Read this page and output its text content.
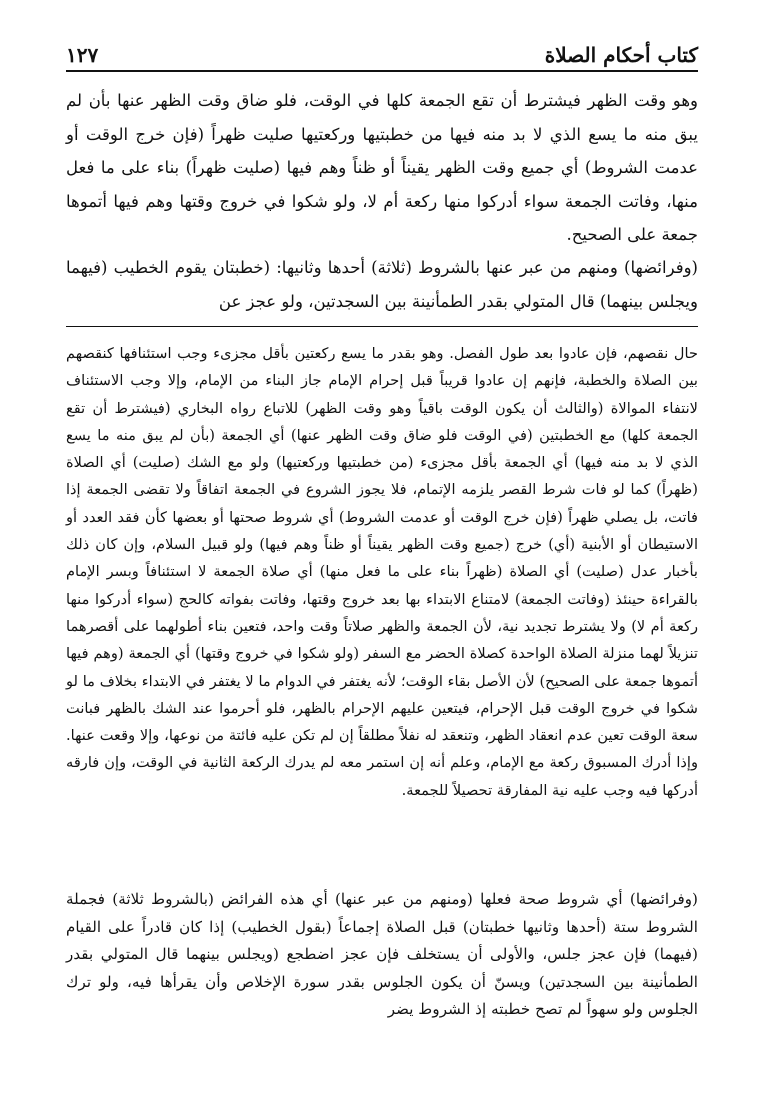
كتاب أحكام الصلاة
١٢٧

وهو وقت الظهر فيشترط أن تقع الجمعة كلها في الوقت، فلو ضاق وقت الظهر عنها بأن لم يبق منه ما يسع الذي لا بد منه فيها من خطبتيها وركعتيها صليت ظهراً (فإن خرج الوقت أو عدمت الشروط) أي جميع وقت الظهر يقيناً أو ظناً وهم فيها (صليت ظهراً) بناء على ما فعل منها، وفاتت الجمعة سواء أدركوا منها ركعة أم لا، ولو شكوا في خروج وقتها وهم فيها أتموها جمعة على الصحيح.

(وفرائضها) ومنهم من عبر عنها بالشروط (ثلاثة) أحدها وثانيها: (خطبتان يقوم الخطيب (فيهما ويجلس بينهما) قال المتولي بقدر الطمأنينة بين السجدتين، ولو عجز عن

حال نقصهم، فإن عادوا بعد طول الفصل. وهو بقدر ما يسع ركعتين بأقل مجزىء وجب استئنافها كنقصهم بين الصلاة والخطبة، فإنهم إن عادوا قريباً قبل إحرام الإمام جاز البناء من الإمام، وإلا وجب الاستئناف لانتفاء الموالاة (والثالث أن يكون الوقت باقياً وهو وقت الظهر) للاتباع رواه البخاري (فيشترط أن تقع الجمعة كلها) مع الخطبتين (في الوقت فلو ضاق وقت الظهر عنها) أي الجمعة (بأن لم يبق منه ما يسع الذي لا بد منه فيها) أي الجمعة بأقل مجزىء (من خطبتيها وركعتيها) ولو مع الشك (صليت) أي الصلاة (ظهراً) كما لو فات شرط القصر يلزمه الإتمام، فلا يجوز الشروع في الجمعة اتفاقاً ولا تقضى الجمعة إذا فاتت، بل يصلي ظهراً (فإن خرج الوقت أو عدمت الشروط) أي شروط صحتها أو بعضها كأن فقد العدد أو الاستيطان أو الأبنية (أي) خرج (جميع وقت الظهر يقيناً أو ظناً وهم فيها) ولو قبيل السلام، وإن كان ذلك بأخبار عدل (صليت) أي الصلاة (ظهراً بناء على ما فعل منها) أي صلاة الجمعة لا استئنافاً وبسر الإمام بالقراءة حينئذ (وفاتت الجمعة) لامتناع الابتداء بها بعد خروج وقتها، وفاتت بفواته كالحج (سواء أدركوا منها ركعة أم لا) ولا يشترط تجديد نية، لأن الجمعة والظهر صلاتاً وقت واحد، فتعين بناء أطولهما على أقصرهما تنزيلاً لهما منزلة الصلاة الواحدة كصلاة الحضر مع السفر (ولو شكوا في خروج وقتها) أي الجمعة (وهم فيها أتموها جمعة على الصحيح) لأن الأصل بقاء الوقت؛ لأنه يغتفر في الدوام ما لا يغتفر في الابتداء بخلاف ما لو شكوا في خروج الوقت قبل الإحرام، فيتعين عليهم الإحرام بالظهر، فلو أحرموا عند الشك بالظهر فبانت سعة الوقت تعين عدم انعقاد الظهر، وتنعقد له نفلاً مطلقاً إن لم تكن عليه فائتة من نوعها، وإلا وقعت عنها. وإذا أدرك المسبوق ركعة مع الإمام، وعلم أنه إن استمر معه لم يدرك الركعة الثانية في الوقت، وإن فارقه أدركها فيه وجب عليه نية المفارقة تحصيلاً للجمعة.

(وفرائضها) أي شروط صحة فعلها (ومنهم من عبر عنها) أي هذه الفرائض (بالشروط ثلاثة) فجملة الشروط ستة (أحدها وثانيها خطبتان) قبل الصلاة إجماعاً (بقول الخطيب) إذا كان قادراً على القيام (فيهما) فإن عجز جلس، والأولى أن يستخلف فإن عجز اضطجع (ويجلس بينهما قال المتولي بقدر الطمأنينة بين السجدتين) ويسنّ أن يكون الجلوس بقدر سورة الإخلاص وأن يقرأها فيه، ولو ترك الجلوس ولو سهواً لم تصح خطبته إذ الشروط يضر
